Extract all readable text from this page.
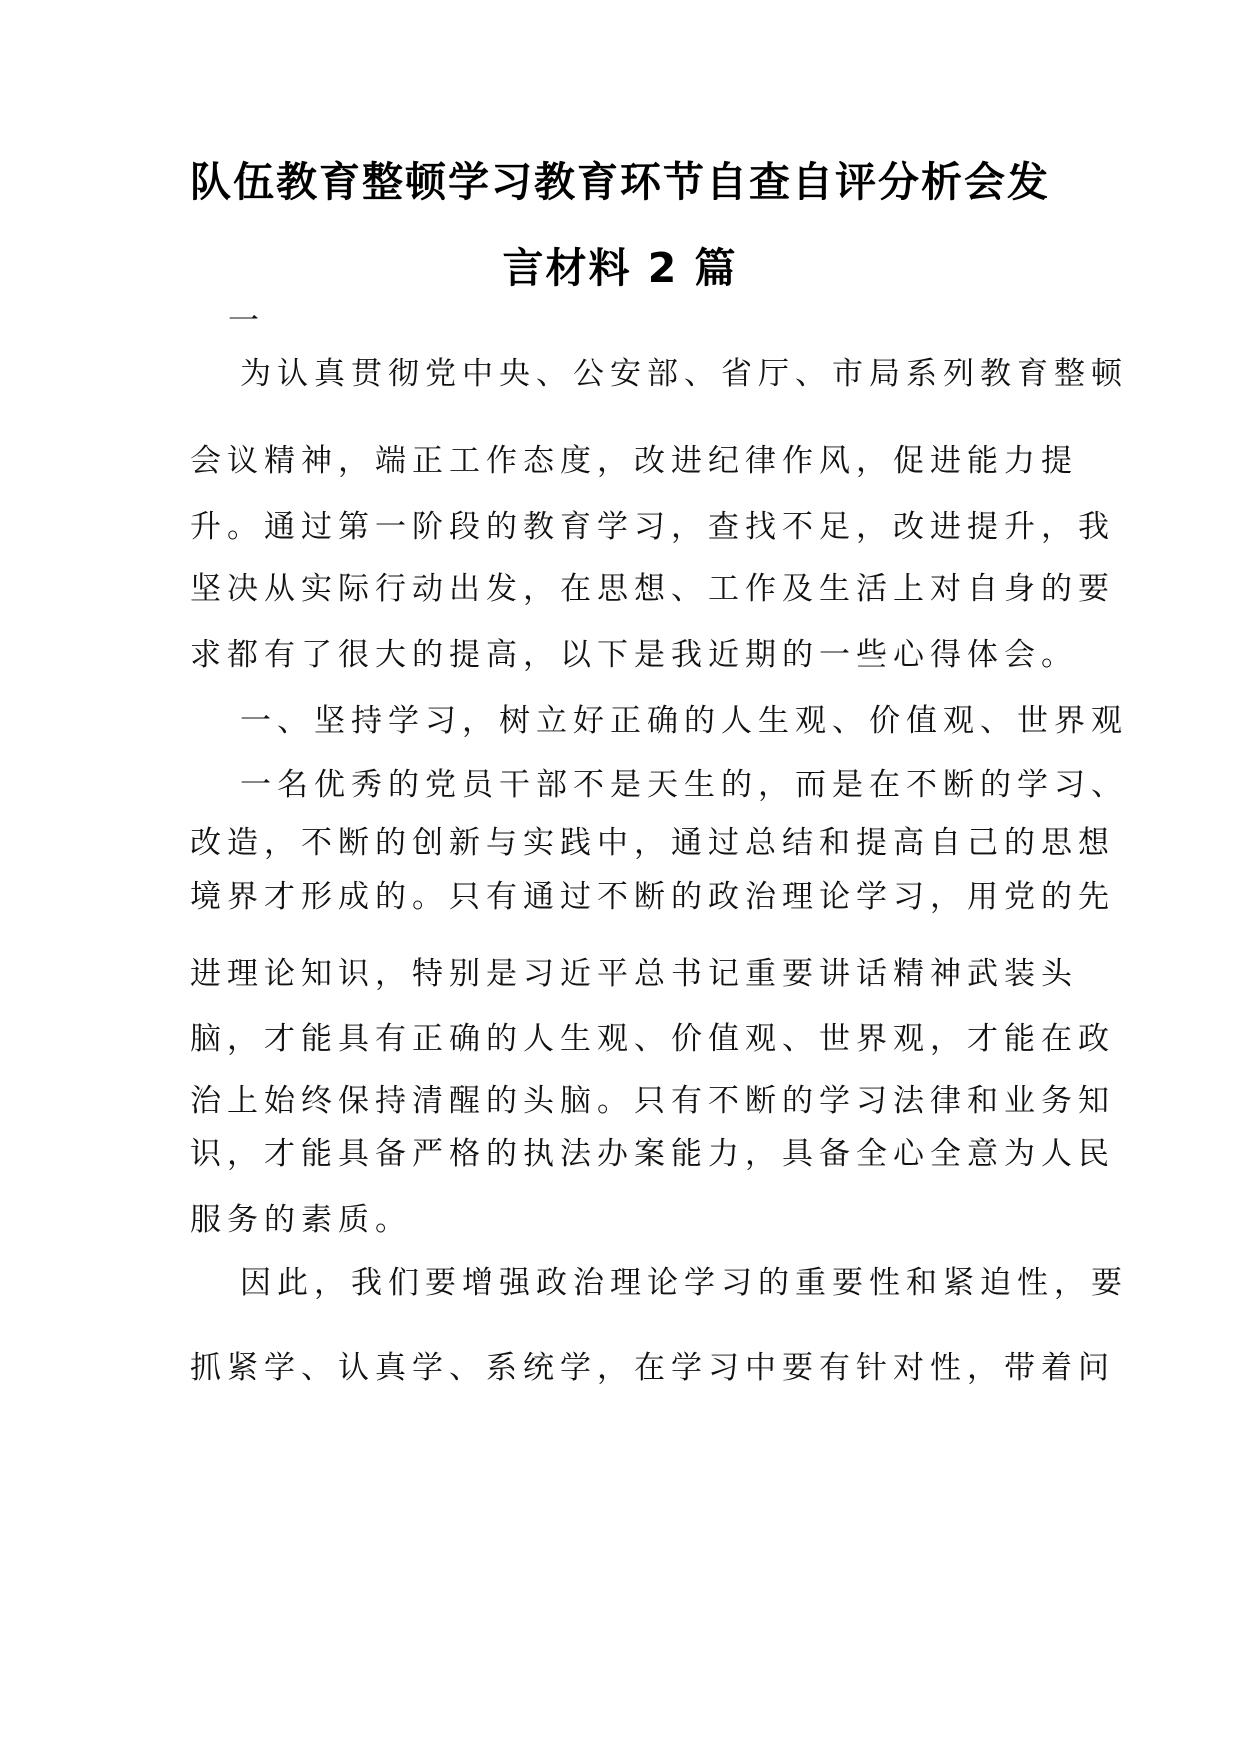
队伍教育整顿学习教育环节自查自评分析会发
言材料 2 篇
一
为认真贯彻党中央、公安部、省厅、市局系列教育整顿
会议精神，端正工作态度，改进纪律作风，促进能力提
升。通过第一阶段的教育学习，查找不足，改进提升，我
坚决从实际行动出发，在思想、工作及生活上对自身的要
求都有了很大的提高，以下是我近期的一些心得体会。
一、坚持学习，树立好正确的人生观、价值观、世界观
一名优秀的党员干部不是天生的，而是在不断的学习、
改造，不断的创新与实践中，通过总结和提高自己的思想
境界才形成的。只有通过不断的政治理论学习，用党的先
进理论知识，特别是习近平总书记重要讲话精神武装头
脑，才能具有正确的人生观、价值观、世界观，才能在政
治上始终保持清醒的头脑。只有不断的学习法律和业务知
识，才能具备严格的执法办案能力，具备全心全意为人民
服务的素质。
因此，我们要增强政治理论学习的重要性和紧迫性，要
抓紧学、认真学、系统学，在学习中要有针对性，带着问
